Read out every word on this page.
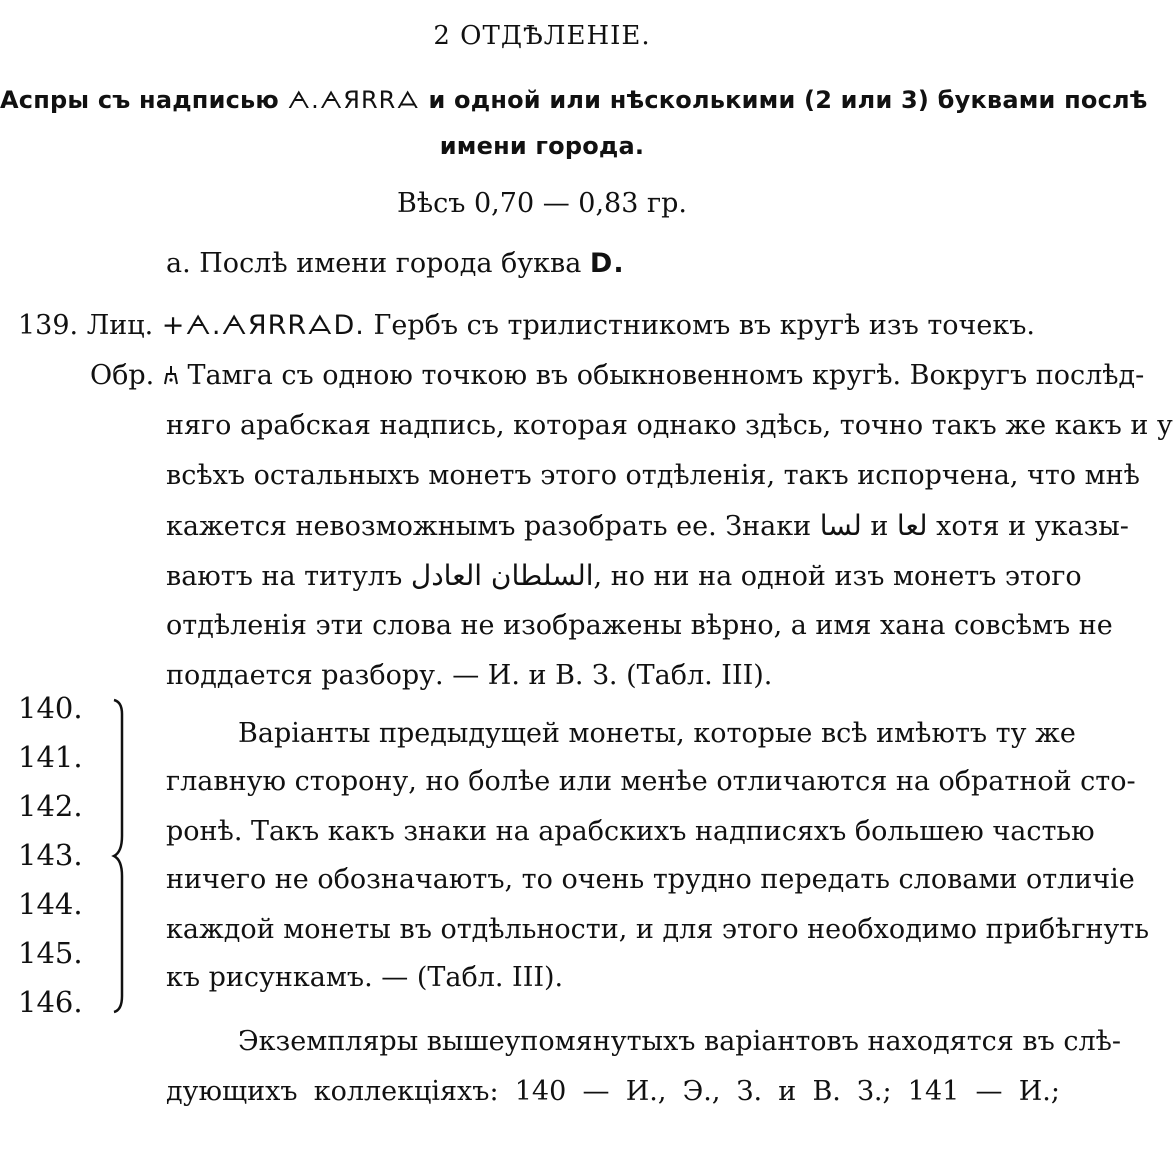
2 ОТДѢЛЕНІЕ.
Аспры съ надписью ᗅ.ᗅЯRRᗋ и одной или нѣсколькими (2 или 3) буквами послѣ
имени города.
Вѣсъ 0,70 — 0,83 гр.
а. Послѣ имени города буква D.
139. Лиц. +ᗅ.ᗅЯRRᗋD. Гербъ съ трилистникомъ въ кругѣ изъ точекъ.
Обр. Тамга съ одною точкою въ обыкновенномъ кругѣ. Вокругъ послѣд-
няго арабская надпись, которая однако здѣсь, точно такъ же какъ и у
всѣхъ остальныхъ монетъ этого отдѣленія, такъ испорчена, что мнѣ
кажется невозможнымъ разобрать ее. Знаки لسا и لعا хотя и указы-
ваютъ на титулъ السلطان العادل, но ни на одной изъ монетъ этого
отдѣленія эти слова не изображены вѣрно, а имя хана совсѣмъ не
поддается разбору. — И. и В. З. (Табл. III).
140.
141.
142.
143.
144.
145.
146.
Варіанты предыдущей монеты, которые всѣ имѣютъ ту же
главную сторону, но болѣе или менѣе отличаются на обратной сто-
ронѣ. Такъ какъ знаки на арабскихъ надписяхъ большею частью
ничего не обозначаютъ, то очень трудно передать словами отличіе
каждой монеты въ отдѣльности, и для этого необходимо прибѣгнуть
къ рисункамъ. — (Табл. III).
Экземпляры вышеупомянутыхъ варіантовъ находятся въ слѣ-
дующихъ коллекціяхъ: 140 — И., Э., З. и В. З.; 141 — И.;
